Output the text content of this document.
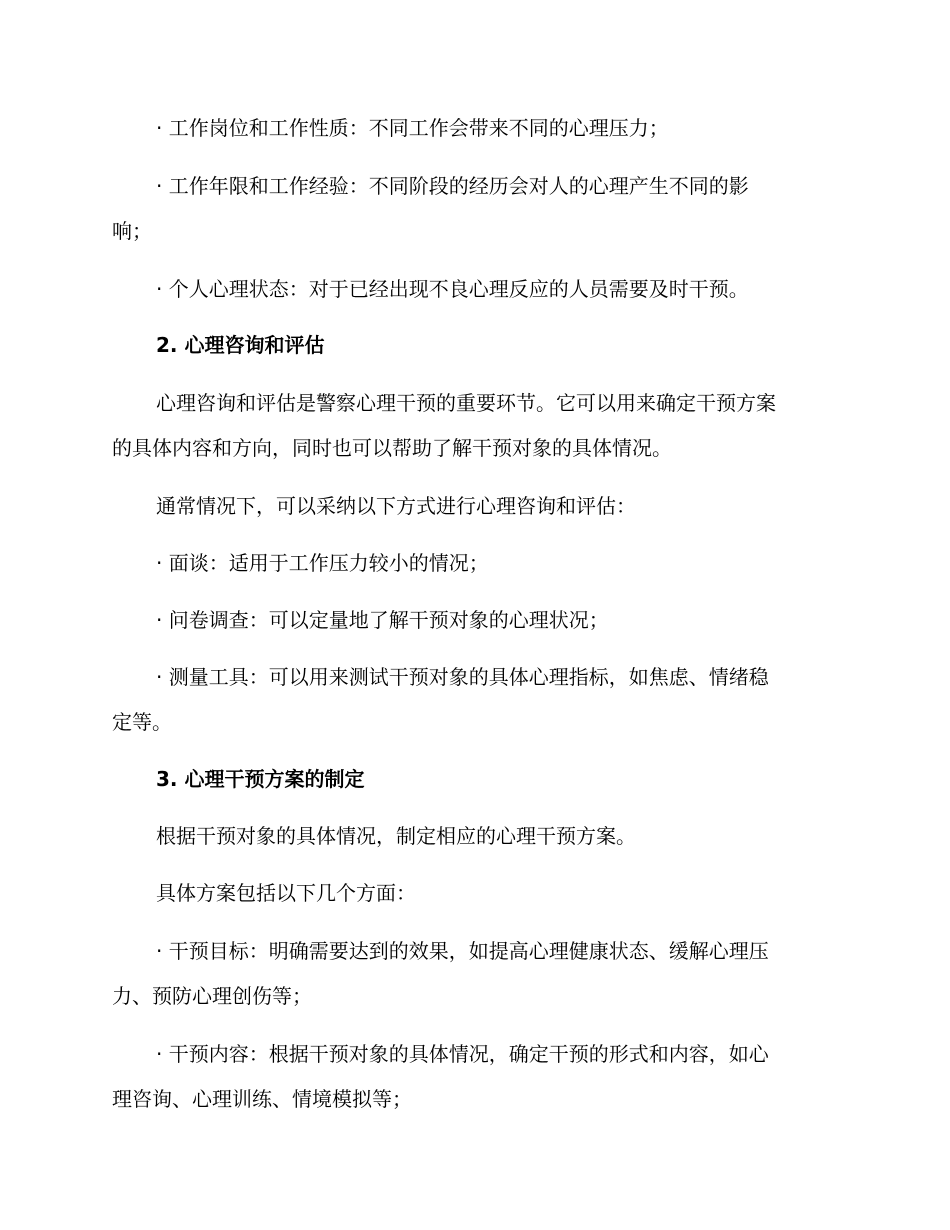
· 工作岗位和工作性质：不同工作会带来不同的心理压力；
· 工作年限和工作经验：不同阶段的经历会对人的心理产生不同的影
响；
· 个人心理状态：对于已经出现不良心理反应的人员需要及时干预。
2. 心理咨询和评估
心理咨询和评估是警察心理干预的重要环节。它可以用来确定干预方案
的具体内容和方向，同时也可以帮助了解干预对象的具体情况。
通常情况下，可以采纳以下方式进行心理咨询和评估：
· 面谈：适用于工作压力较小的情况；
· 问卷调查：可以定量地了解干预对象的心理状况；
· 测量工具：可以用来测试干预对象的具体心理指标，如焦虑、情绪稳
定等。
3. 心理干预方案的制定
根据干预对象的具体情况，制定相应的心理干预方案。
具体方案包括以下几个方面：
· 干预目标：明确需要达到的效果，如提高心理健康状态、缓解心理压
力、预防心理创伤等；
· 干预内容：根据干预对象的具体情况，确定干预的形式和内容，如心
理咨询、心理训练、情境模拟等；
